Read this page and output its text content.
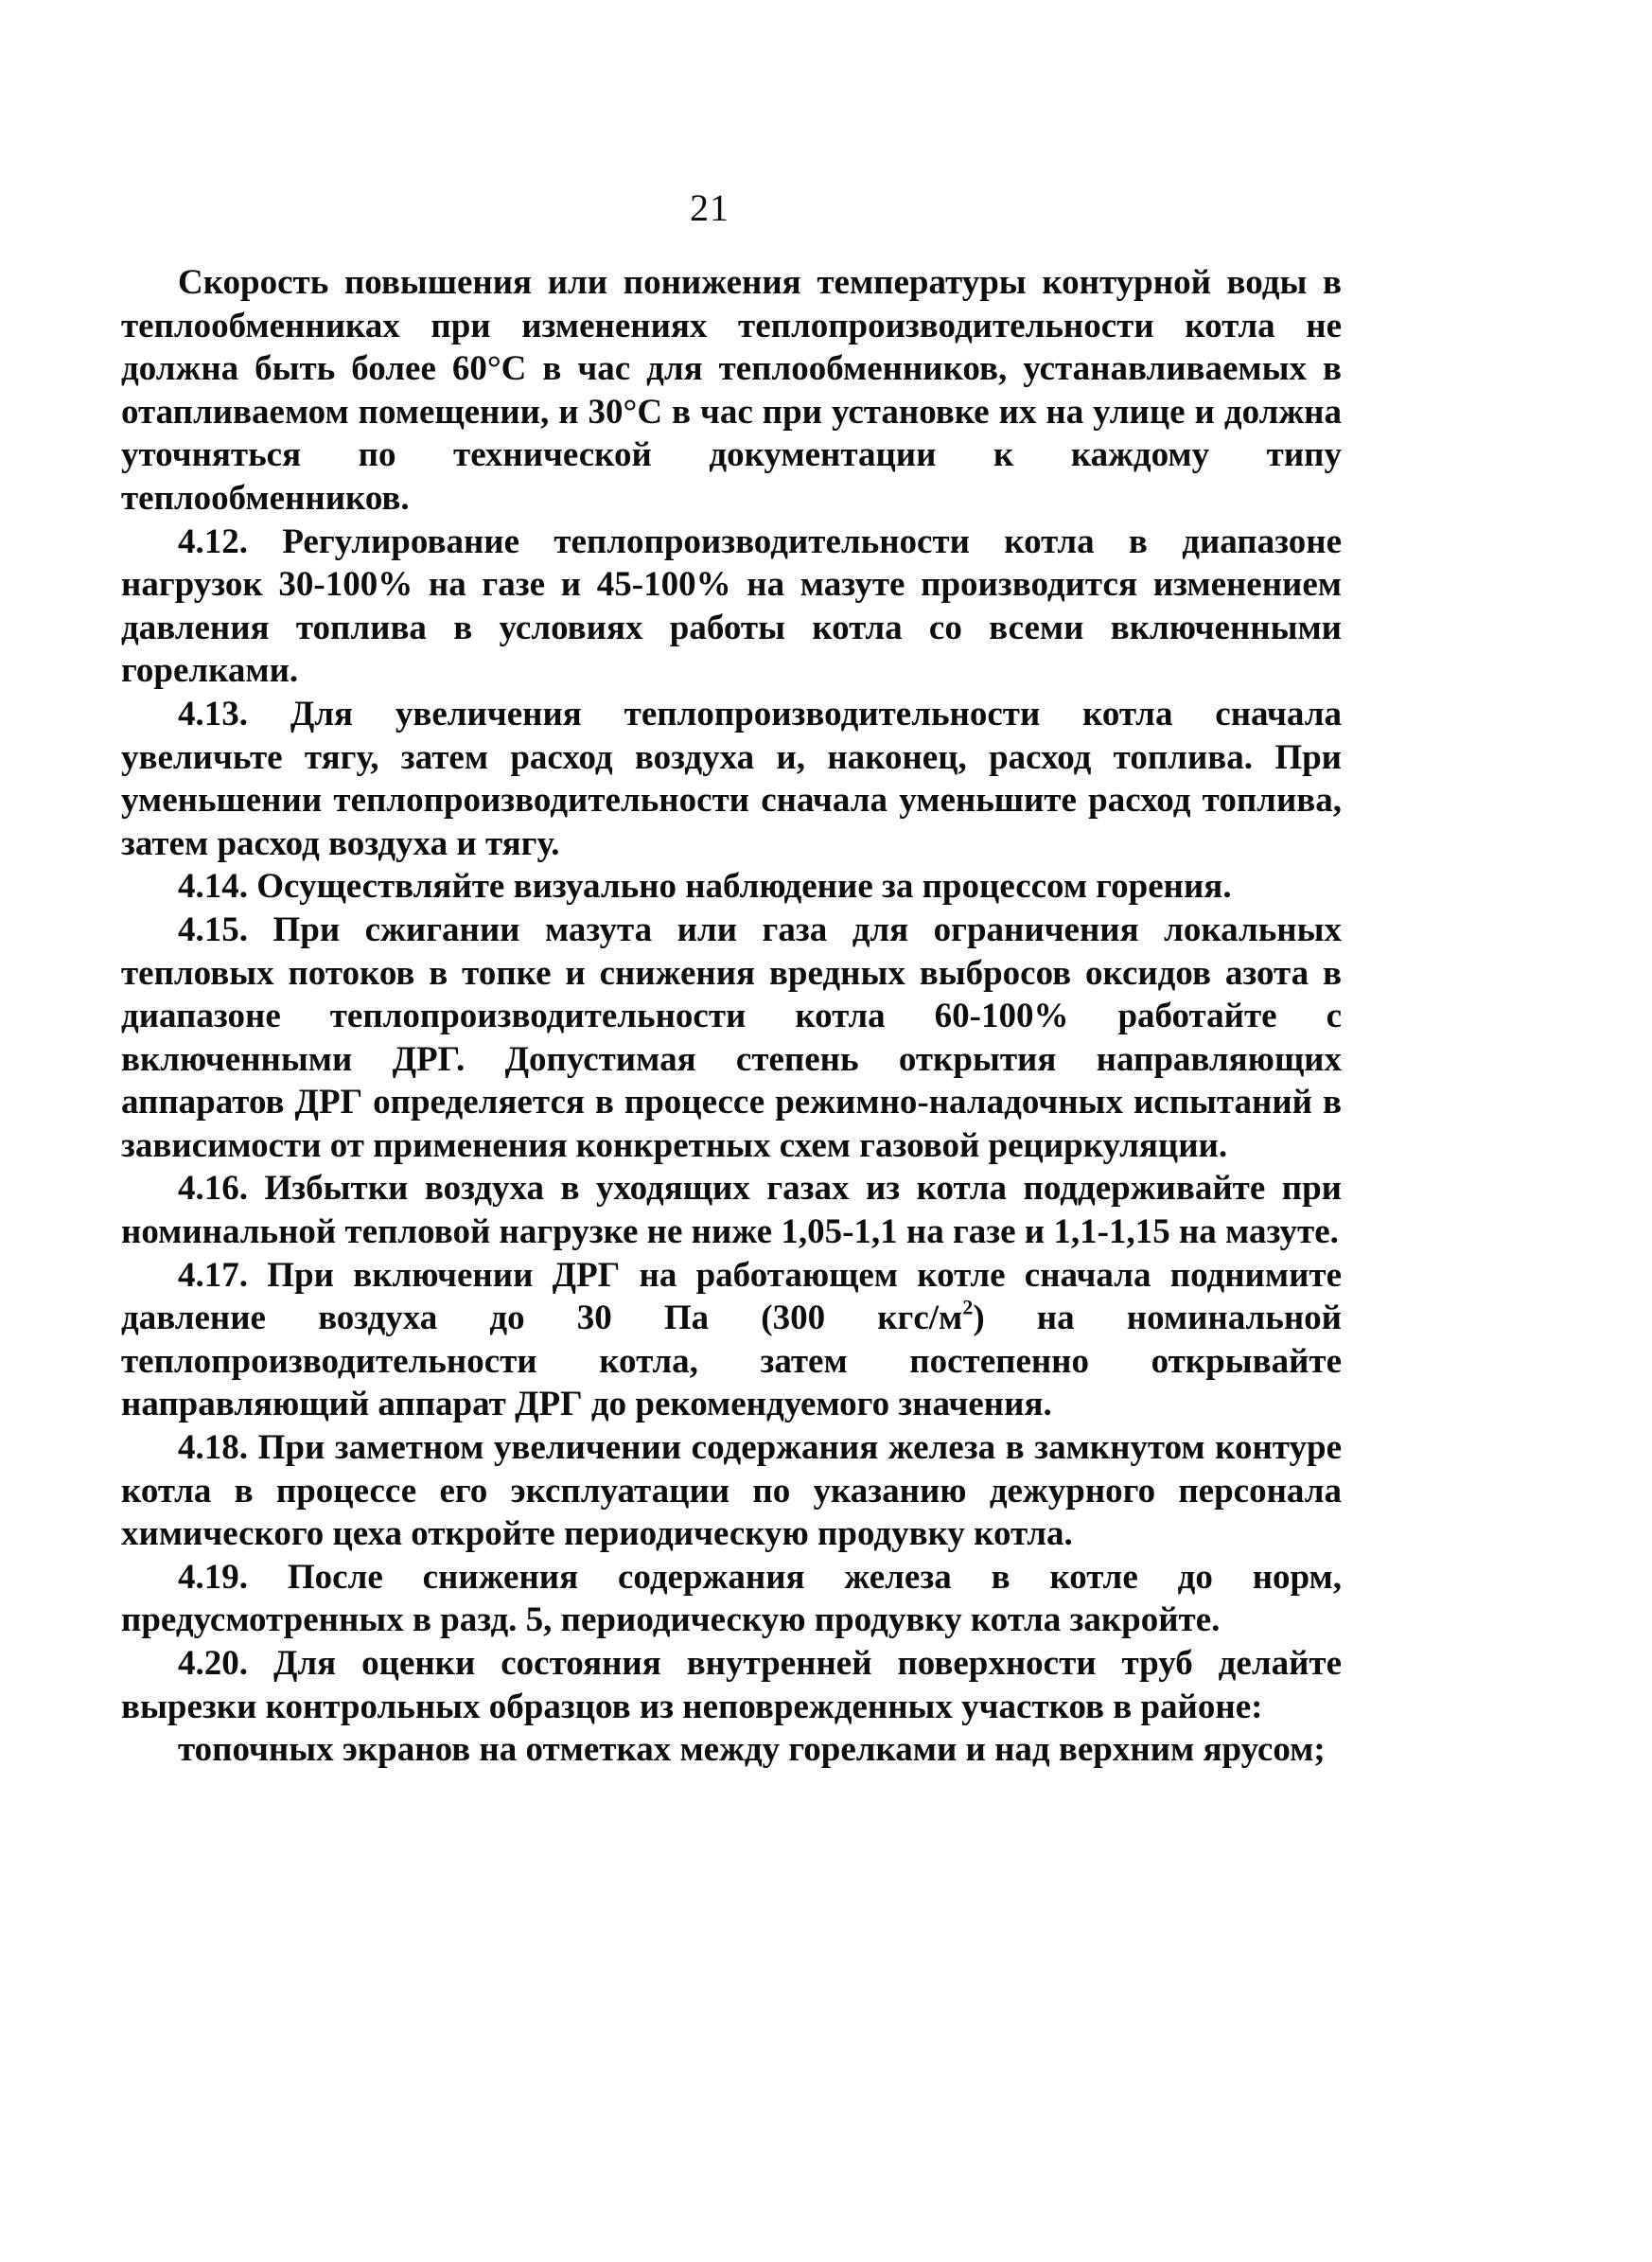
21

Скорость повышения или понижения температуры контурной воды в теплообменниках при изменениях теплопроизводительности котла не должна быть более 60°С в час для теплообменников, устанавливаемых в отапливаемом помещении, и 30°С в час при установке их на улице и должна уточняться по технической документации к каждому типу теплообменников.

4.12. Регулирование теплопроизводительности котла в диапазоне нагрузок 30-100% на газе и 45-100% на мазуте производится изменением давления топлива в условиях работы котла со всеми включенными горелками.

4.13. Для увеличения теплопроизводительности котла сначала увеличьте тягу, затем расход воздуха и, наконец, расход топлива. При уменьшении теплопроизводительности сначала уменьшите расход топлива, затем расход воздуха и тягу.

4.14. Осуществляйте визуально наблюдение за процессом горения.

4.15. При сжигании мазута или газа для ограничения локальных тепловых потоков в топке и снижения вредных выбросов оксидов азота в диапазоне теплопроизводительности котла 60-100% работайте с включенными ДРГ. Допустимая степень открытия направляющих аппаратов ДРГ определяется в процессе режимно-наладочных испытаний в зависимости от применения конкретных схем газовой рециркуляции.

4.16. Избытки воздуха в уходящих газах из котла поддерживайте при номинальной тепловой нагрузке не ниже 1,05-1,1 на газе и 1,1-1,15 на мазуте.

4.17. При включении ДРГ на работающем котле сначала поднимите давление воздуха до 30 Па (300 кгс/$м^2$) на номинальной теплопроизводительности котла, затем постепенно открывайте направляющий аппарат ДРГ до рекомендуемого значения.

4.18. При заметном увеличении содержания железа в замкнутом контуре котла в процессе его эксплуатации по указанию дежурного персонала химического цеха откройте периодическую продувку котла.

4.19. После снижения содержания железа в котле до норм, предусмотренных в разд. 5, периодическую продувку котла закройте.

4.20. Для оценки состояния внутренней поверхности труб делайте вырезки контрольных образцов из неповрежденных участков в районе:

топочных экранов на отметках между горелками и над верхним ярусом;
